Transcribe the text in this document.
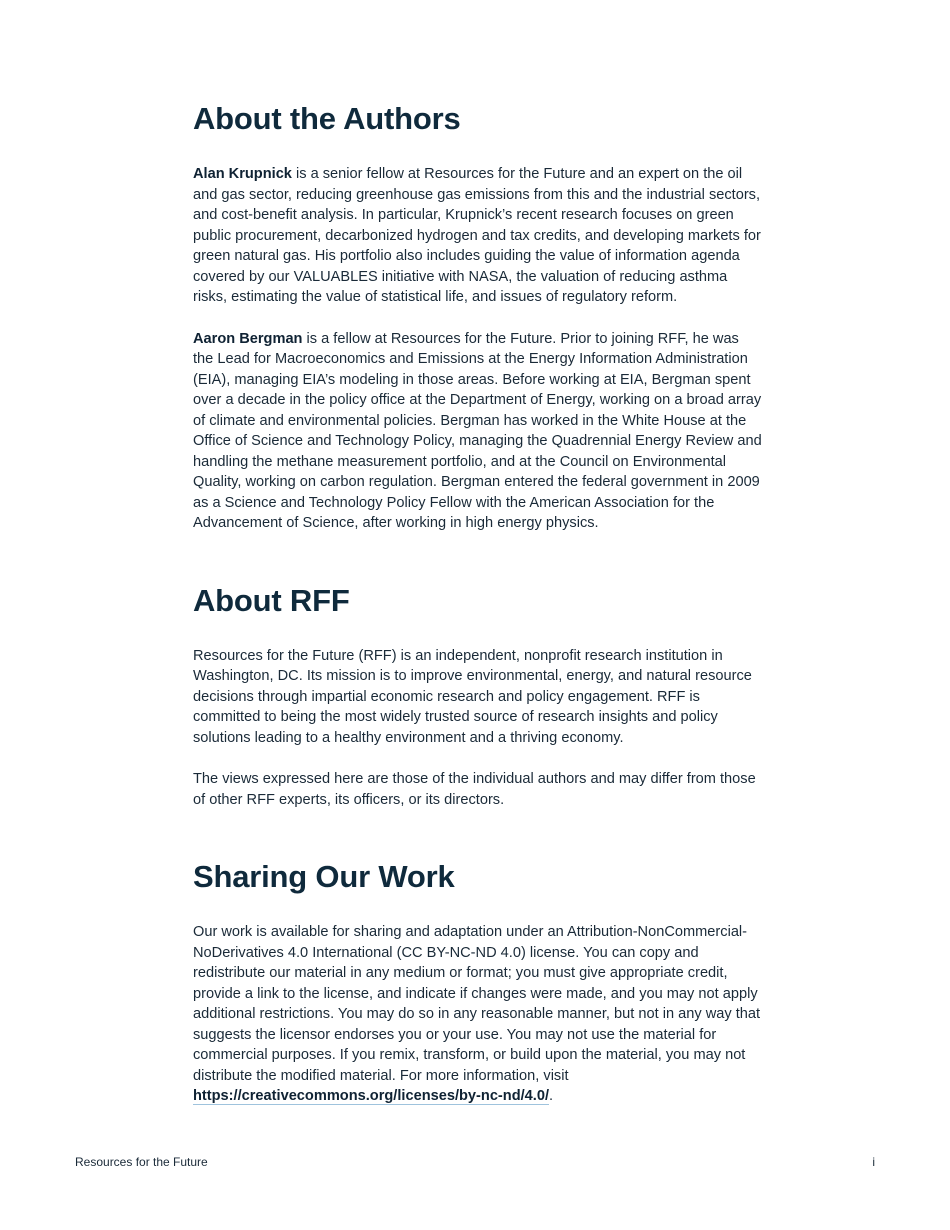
About the Authors

Alan Krupnick is a senior fellow at Resources for the Future and an expert on the oil and gas sector, reducing greenhouse gas emissions from this and the industrial sectors, and cost-benefit analysis. In particular, Krupnick’s recent research focuses on green public procurement, decarbonized hydrogen and tax credits, and developing markets for green natural gas. His portfolio also includes guiding the value of information agenda covered by our VALUABLES initiative with NASA, the valuation of reducing asthma risks, estimating the value of statistical life, and issues of regulatory reform.

Aaron Bergman is a fellow at Resources for the Future. Prior to joining RFF, he was the Lead for Macroeconomics and Emissions at the Energy Information Administration (EIA), managing EIA’s modeling in those areas. Before working at EIA, Bergman spent over a decade in the policy office at the Department of Energy, working on a broad array of climate and environmental policies. Bergman has worked in the White House at the Office of Science and Technology Policy, managing the Quadrennial Energy Review and handling the methane measurement portfolio, and at the Council on Environmental Quality, working on carbon regulation. Bergman entered the federal government in 2009 as a Science and Technology Policy Fellow with the American Association for the Advancement of Science, after working in high energy physics.

About RFF

Resources for the Future (RFF) is an independent, nonprofit research institution in Washington, DC. Its mission is to improve environmental, energy, and natural resource decisions through impartial economic research and policy engagement. RFF is committed to being the most widely trusted source of research insights and policy solutions leading to a healthy environment and a thriving economy.

The views expressed here are those of the individual authors and may differ from those of other RFF experts, its officers, or its directors.

Sharing Our Work

Our work is available for sharing and adaptation under an Attribution-NonCommercial-NoDerivatives 4.0 International (CC BY-NC-ND 4.0) license. You can copy and redistribute our material in any medium or format; you must give appropriate credit, provide a link to the license, and indicate if changes were made, and you may not apply additional restrictions. You may do so in any reasonable manner, but not in any way that suggests the licensor endorses you or your use. You may not use the material for commercial purposes. If you remix, transform, or build upon the material, you may not distribute the modified material. For more information, visit https://creativecommons.org/licenses/by-nc-nd/4.0/.

Resources for the Future	i
